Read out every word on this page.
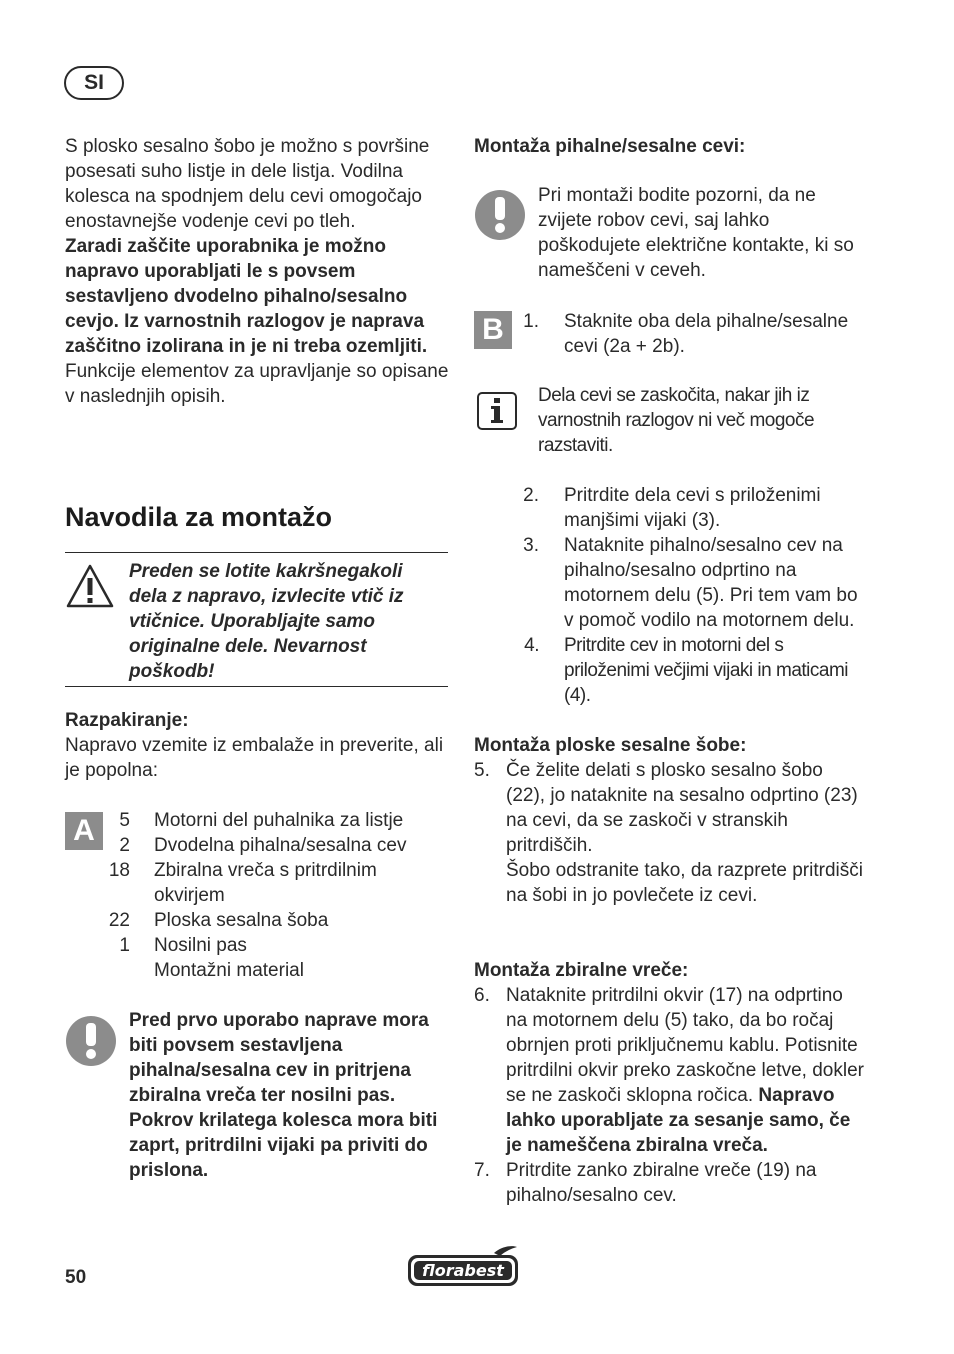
SI

S plosko sesalno šobo je možno s površine posesati suho listje in dele listja. Vodilna kolesca na spodnjem delu cevi omogočajo enostavnejše vodenje cevi po tleh.

Zaradi zaščite uporabnika je možno napravo uporabljati le s povsem sestavljeno dvodelno pihalno/sesalno cevjo. Iz varnostnih razlogov je naprava zaščitno izolirana in je ni treba ozemljiti.

Funkcije elementov za upravljanje so opisane v naslednjih opisih.

Navodila za montažo
Preden se lotite kakršnegakoli dela z napravo, izvlecite vtič iz vtičnice. Uporabljajte samo originalne dele. Nevarnost poškodb!

Razpakiranje:

Napravo vzemite iz embalaže in preverite, ali je popolna:

A	5	Motorni del puhalnika za listje
2	Dvodelna pihalna/sesalna cev
18	Zbiralna vreča s pritrdilnim okvirjem
22	Ploska sesalna šoba
1	Nosilni pas
Montažni material
Pred prvo uporabo naprave mora biti povsem sestavljena pihalna/sesalna cev in pritrjena zbiralna vreča ter nosilni pas. Pokrov krilatega kolesca mora biti zaprt, pritrdilni vijaki pa priviti do prislona.
Montaža pihalne/sesalne cevi:
Pri montaži bodite pozorni, da ne zvijete robov cevi, saj lahko poškodujete električne kontakte, ki so nameščeni v ceveh.
B	1.	Staknite oba dela pihalne/sesalne cevi (2a + 2b).
Dela cevi se zaskočita, nakar jih iz varnostnih razlogov ni več mogoče razstaviti.
2.	Pritrdite dela cevi s priloženimi manjšimi vijaki (3).
3.	Nataknite pihalno/sesalno cev na pihalno/sesalno odprtino na motornem delu (5). Pri tem vam bo v pomoč vodilo na motornem delu.
4.	Pritrdite cev in motorni del s priloženimi večjimi vijaki in maticami (4).

Montaža ploske sesalne šobe:

5. Če želite delati s plosko sesalno šobo (22), jo nataknite na sesalno odprtino (23) na cevi, da se zaskoči v stranskih pritrdiščih.
Šobo odstranite tako, da razprete pritrdišči na šobi in jo povlečete iz cevi.

Montaža zbiralne vreče:

6. Nataknite pritrdilni okvir (17) na odprtino na motornem delu (5) tako, da bo ročaj obrnjen proti priključnemu kablu. Potisnite pritrdilni okvir preko zaskočne letve, dokler se ne zaskoči sklopna ročica. Napravo lahko uporabljate za sesanje samo, če je nameščena zbiralna vreča.
7. Pritrdite zanko zbiralne vreče (19) na pihalno/sesalno cev.
50	florabest
